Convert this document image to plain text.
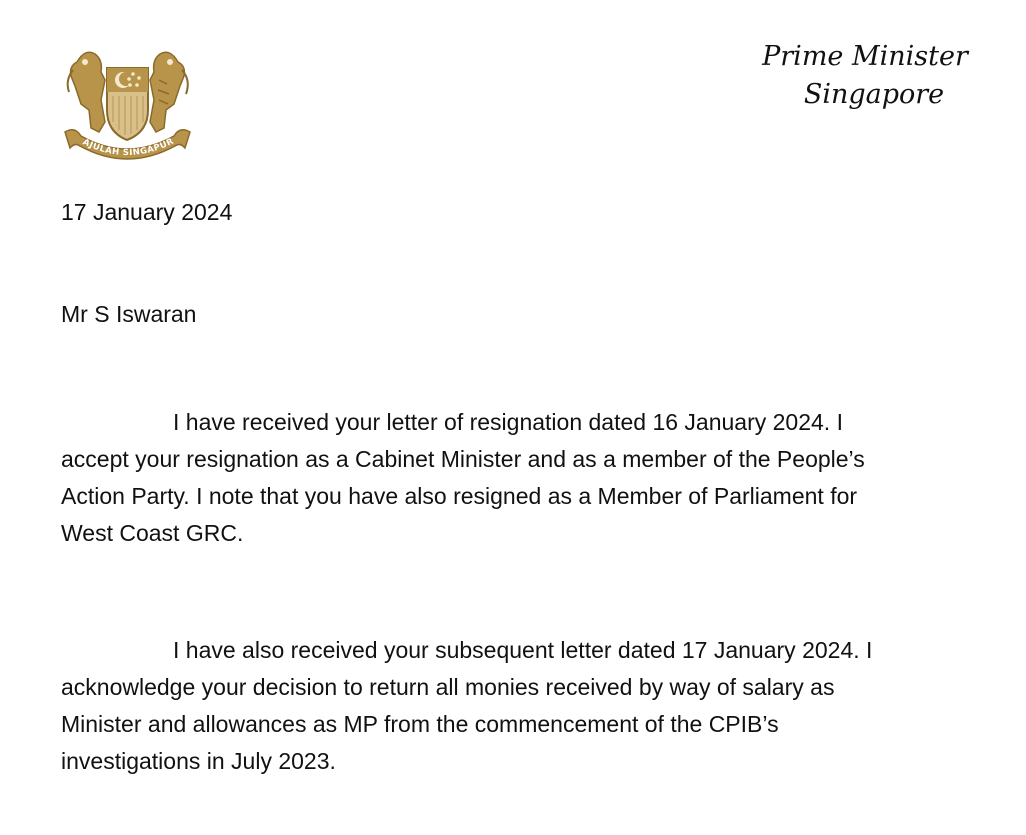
AJULAH SINGAPUR
Prime Minister
Singapore
17 January 2024
Mr S Iswaran
I have received your letter of resignation dated 16 January 2024. I
accept your resignation as a Cabinet Minister and as a member of the People’s
Action Party. I note that you have also resigned as a Member of Parliament for
West Coast GRC.
I have also received your subsequent letter dated 17 January 2024. I
acknowledge your decision to return all monies received by way of salary as
Minister and allowances as MP from the commencement of the CPIB’s
investigations in July 2023.
